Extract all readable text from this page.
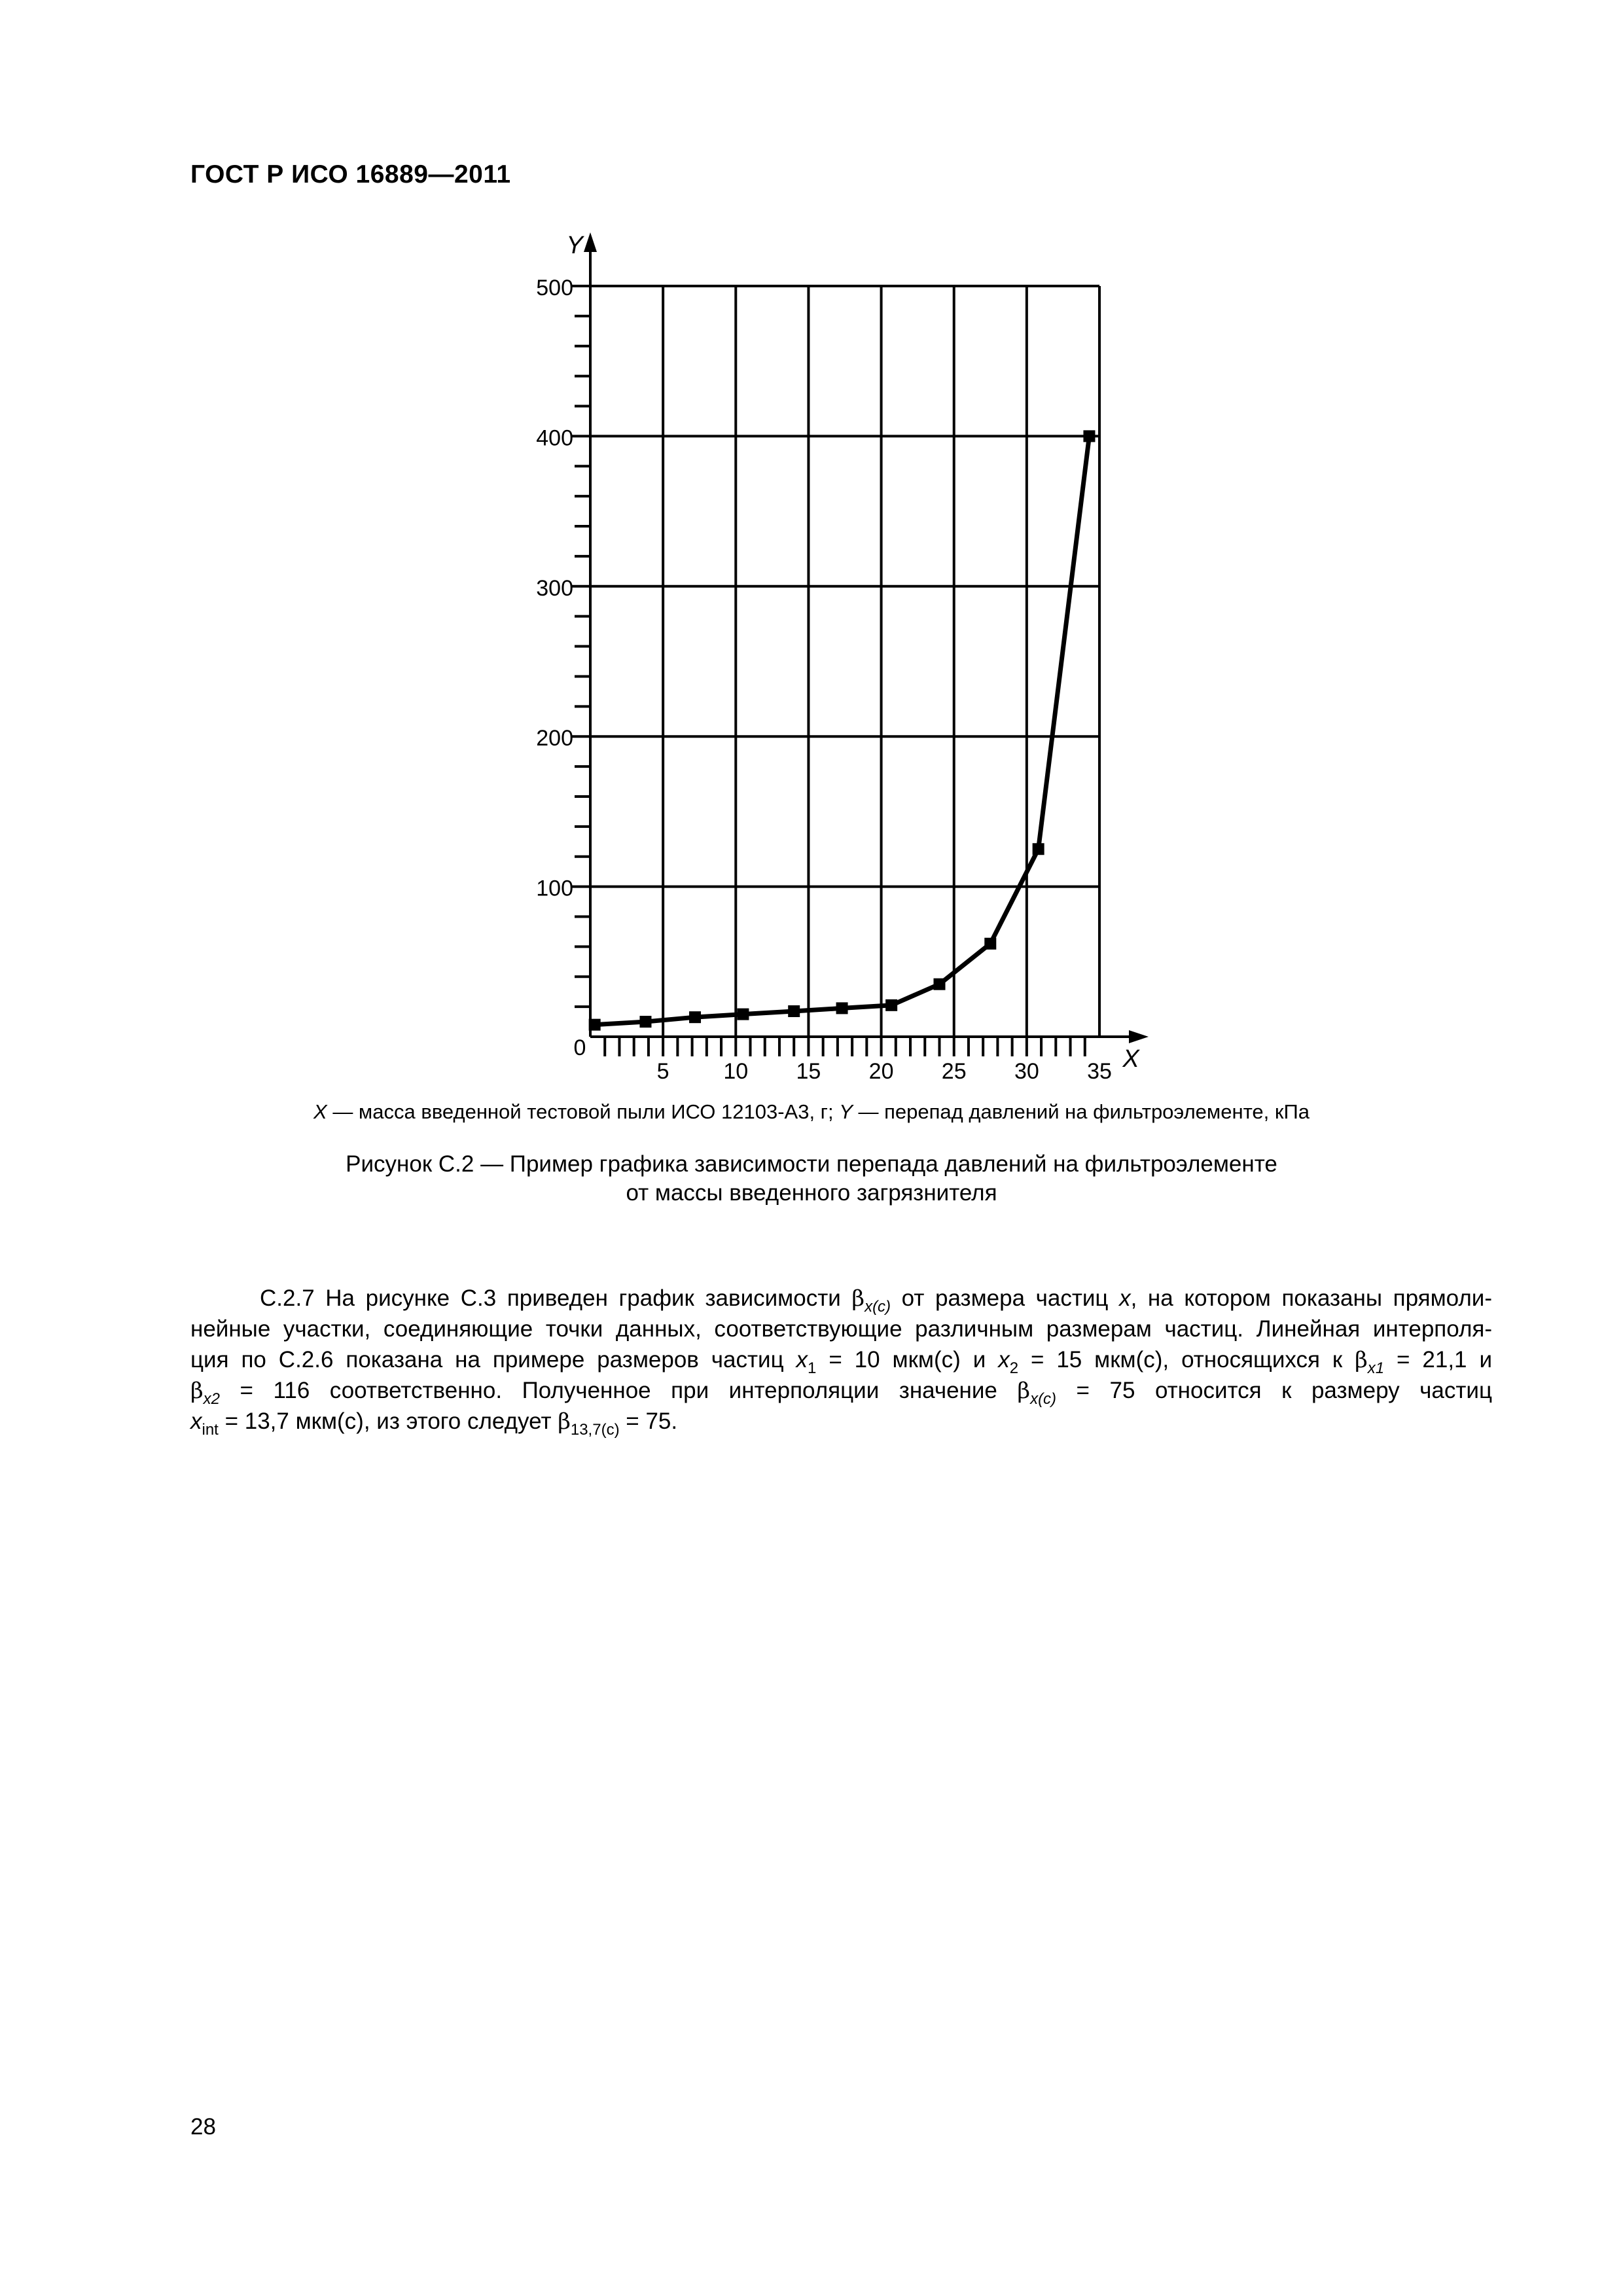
ГОСТ Р ИСО 16889—2011
100
200
300
400
500
0
5 10 15 20 25 30 35
Y
X
X — масса введенной тестовой пыли ИСО 12103-A3, г; Y — перепад давлений на фильтроэлементе, кПа
Рисунок С.2 — Пример графика зависимости перепада давлений на фильтроэлементе
от массы введенного загрязнителя
С.2.7 На рисунке С.3 приведен график зависимости $\beta_{x(c)}$ от размера частиц x, на котором показаны прямоли-
нейные участки, соединяющие точки данных, соответствующие различным размерам частиц. Линейная интерполя-
ция по С.2.6 показана на примере размеров частиц $x_1 = 10$ мкм(с) и $x_2 = 15$ мкм(с), относящихся к $\beta_{x1} = 21,1$ и
$\beta_{x2} = 116$ соответственно. Полученное при интерполяции значение $\beta_{x(c)} = 75$ относится к размеру частиц
$x_{int} = 13,7$ мкм(с), из этого следует $\beta_{13,7(c)} = 75$.
28
